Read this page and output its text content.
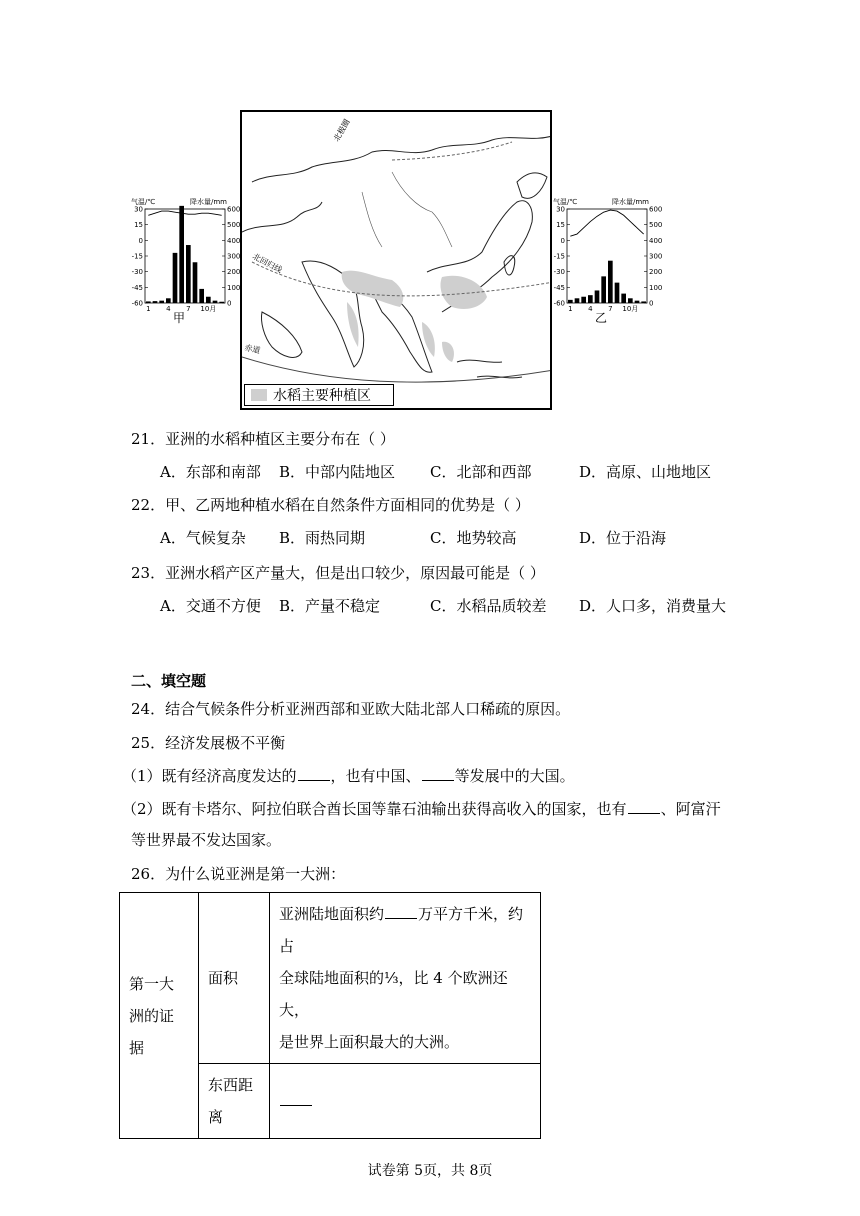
气温/℃	降水量/mm
30
15
0
-15
-30
-45
-60
600
500
400
300
200
100
0
1 4 7 10月
甲
北极圈
北回归线
赤道
水稻主要种植区
气温/℃	降水量/mm
30
15
0
-15
-30
-45
-60
600
500
400
300
200
100
0
1 4 7 10月
乙
21．亚洲的水稻种植区主要分布在（ ）
A．东部和南部 B．中部内陆地区 C．北部和西部	D．高原、山地地区
22．甲、乙两地种植水稻在自然条件方面相同的优势是（ ）
A．气候复杂 B．雨热同期	C．地势较高	D．位于沿海
23．亚洲水稻产区产量大，但是出口较少，原因最可能是（ ）
A．交通不方便 B．产量不稳定	C．水稻品质较差 D．人口多，消费量大
二、填空题
24．结合气候条件分析亚洲西部和亚欧大陆北部人口稀疏的原因。
25．经济发展极不平衡
（1）既有经济高度发达的 ，也有中国、 等发展中的大国。
（2）既有卡塔尔、阿拉伯联合酋长国等靠石油输出获得高收入的国家，也有 、阿富汗
等世界最不发达国家。
26．为什么说亚洲是第一大洲：
第一大
洲的证
据	面积	亚洲陆地面积约 万平方千米，约占
全球陆地面积的⅓，比 4 个欧洲还大，
是世界上面积最大的大洲。

	东西距
离	

试卷第 5页，共 8页
